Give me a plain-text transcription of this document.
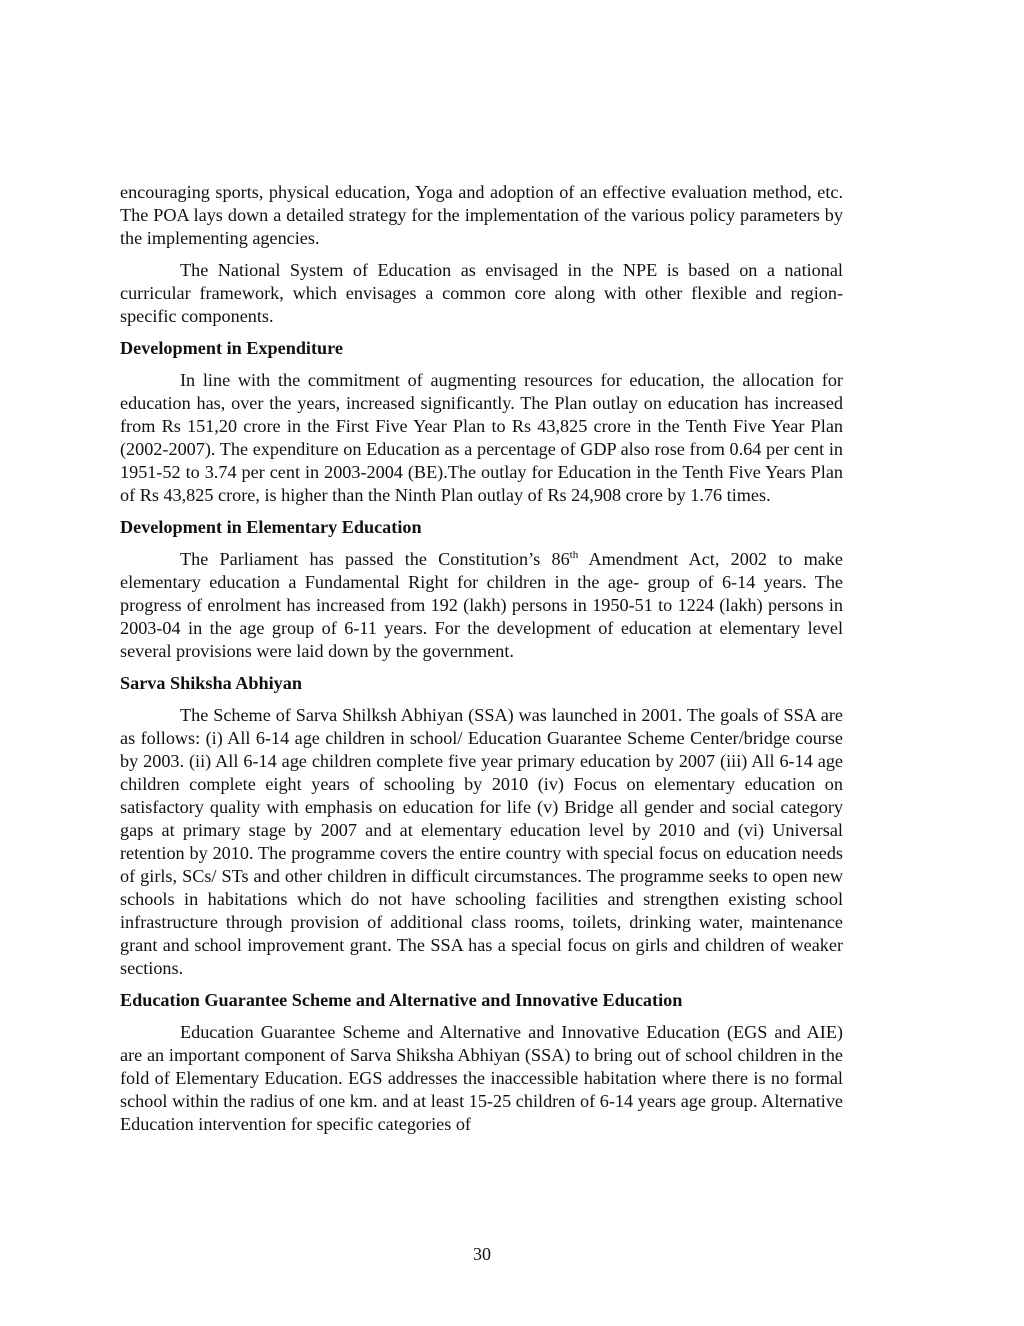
encouraging sports, physical education, Yoga and adoption of an effective evaluation method, etc. The POA lays down a detailed strategy for the implementation of the various policy parameters by the implementing agencies.

The National System of Education as envisaged in the NPE is based on a national curricular framework, which envisages a common core along with other flexible and region-specific components.

Development in Expenditure

In line with the commitment of augmenting resources for education, the allocation for education has, over the years, increased significantly. The Plan outlay on education has increased from Rs 151,20 crore in the First Five Year Plan to Rs 43,825 crore in the Tenth Five Year Plan (2002-2007). The expenditure on Education as a percentage of GDP also rose from 0.64 per cent in 1951-52 to 3.74 per cent in 2003-2004 (BE).The outlay for Education in the Tenth Five Years Plan of Rs 43,825 crore, is higher than the Ninth Plan outlay of Rs 24,908 crore by 1.76 times.

Development in Elementary Education

The Parliament has passed the Constitution’s 86th Amendment Act, 2002 to make elementary education a Fundamental Right for children in the age- group of 6-14 years. The progress of enrolment has increased from 192 (lakh) persons in 1950-51 to 1224 (lakh) persons in 2003-04 in the age group of 6-11 years. For the development of education at elementary level several provisions were laid down by the government.

Sarva Shiksha Abhiyan

The Scheme of Sarva Shilksh Abhiyan (SSA) was launched in 2001. The goals of SSA are as follows: (i) All 6-14 age children in school/ Education Guarantee Scheme Center/bridge course by 2003. (ii) All 6-14 age children complete five year primary education by 2007 (iii) All 6-14 age children complete eight years of schooling by 2010 (iv) Focus on elementary education on satisfactory quality with emphasis on education for life (v) Bridge all gender and social category gaps at primary stage by 2007 and at elementary education level by 2010 and (vi) Universal retention by 2010. The programme covers the entire country with special focus on education needs of girls, SCs/ STs and other children in difficult circumstances. The programme seeks to open new schools in habitations which do not have schooling facilities and strengthen existing school infrastructure through provision of additional class rooms, toilets, drinking water, maintenance grant and school improvement grant. The SSA has a special focus on girls and children of weaker sections.

Education Guarantee Scheme and Alternative and Innovative Education

Education Guarantee Scheme and Alternative and Innovative Education (EGS and AIE) are an important component of Sarva Shiksha Abhiyan (SSA) to bring out of school children in the fold of Elementary Education. EGS addresses the inaccessible habitation where there is no formal school within the radius of one km. and at least 15-25 children of 6-14 years age group. Alternative Education intervention for specific categories of

30
